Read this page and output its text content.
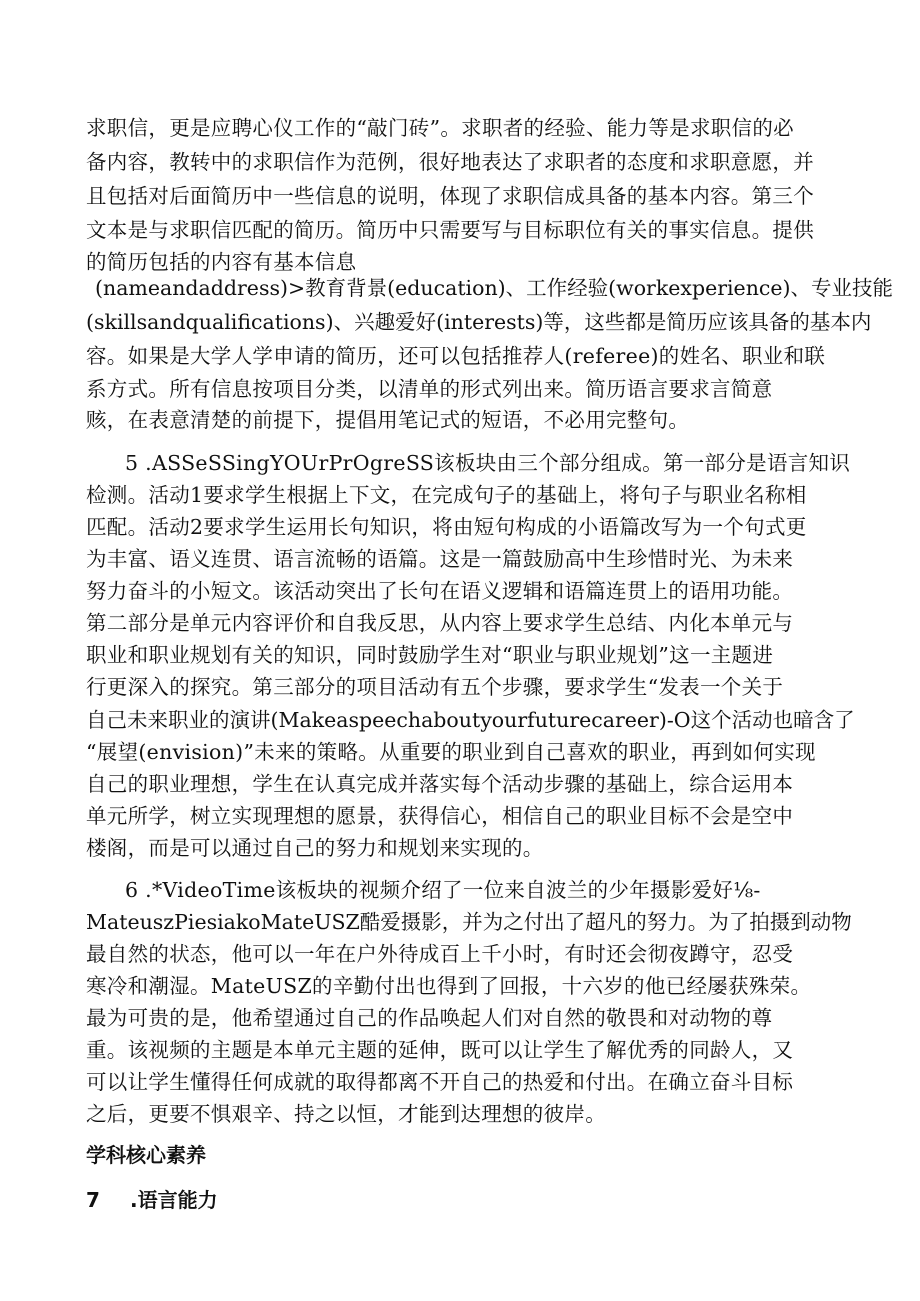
求职信，更是应聘心仪工作的“敲门砖”。求职者的经验、能力等是求职信的必
备内容，教转中的求职信作为范例，很好地表达了求职者的态度和求职意愿，并
且包括对后面简历中一些信息的说明，体现了求职信成具备的基本内容。第三个
文本是与求职信匹配的简历。简历中只需要写与目标职位有关的事实信息。提供
的简历包括的内容有基本信息
(nameandaddress)>教育背景(education)、工作经验(workexperience)、专业技能
(skillsandqualifications)、兴趣爱好(interests)等，这些都是简历应该具备的基本内
容。如果是大学人学申请的简历，还可以包括推荐人(referee)的姓名、职业和联
系方式。所有信息按项目分类，以清单的形式列出来。简历语言要求言简意
赅，在表意清楚的前提下，提倡用笔记式的短语，不必用完整句。
5 .ASSeSSingYOUrPrOgreSS该板块由三个部分组成。第一部分是语言知识
检测。活动1要求学生根据上下文，在完成句子的基础上，将句子与职业名称相
匹配。活动2要求学生运用长句知识，将由短句构成的小语篇改写为一个句式更
为丰富、语义连贯、语言流畅的语篇。这是一篇鼓励高中生珍惜时光、为未来
努力奋斗的小短文。该活动突出了长句在语义逻辑和语篇连贯上的语用功能。
第二部分是单元内容评价和自我反思，从内容上要求学生总结、内化本单元与
职业和职业规划有关的知识，同时鼓励学生对“职业与职业规划”这一主题进
行更深入的探究。第三部分的项目活动有五个步骤，要求学生“发表一个关于
自己未来职业的演讲(Makeaspeechaboutyourfuturecareer)-O这个活动也暗含了
“展望(envision)”未来的策略。从重要的职业到自己喜欢的职业，再到如何实现
自己的职业理想，学生在认真完成并落实每个活动步骤的基础上，综合运用本
单元所学，树立实现理想的愿景，获得信心，相信自己的职业目标不会是空中
楼阁，而是可以通过自己的努力和规划来实现的。
6 .*VideoTime该板块的视频介绍了一位来自波兰的少年摄影爱好⅛-
MateuszPiesiakoMateUSZ酷爱摄影，并为之付出了超凡的努力。为了拍摄到动物
最自然的状态，他可以一年在户外待成百上千小时，有时还会彻夜蹲守，忍受
寒冷和潮湿。MateUSZ的辛勤付出也得到了回报，十六岁的他已经屡获殊荣。
最为可贵的是，他希望通过自己的作品唤起人们对自然的敬畏和对动物的尊
重。该视频的主题是本单元主题的延伸，既可以让学生了解优秀的同龄人，又
可以让学生懂得任何成就的取得都离不开自己的热爱和付出。在确立奋斗目标
之后，更要不惧艰辛、持之以恒，才能到达理想的彼岸。
学科核心素养
7 .语言能力
